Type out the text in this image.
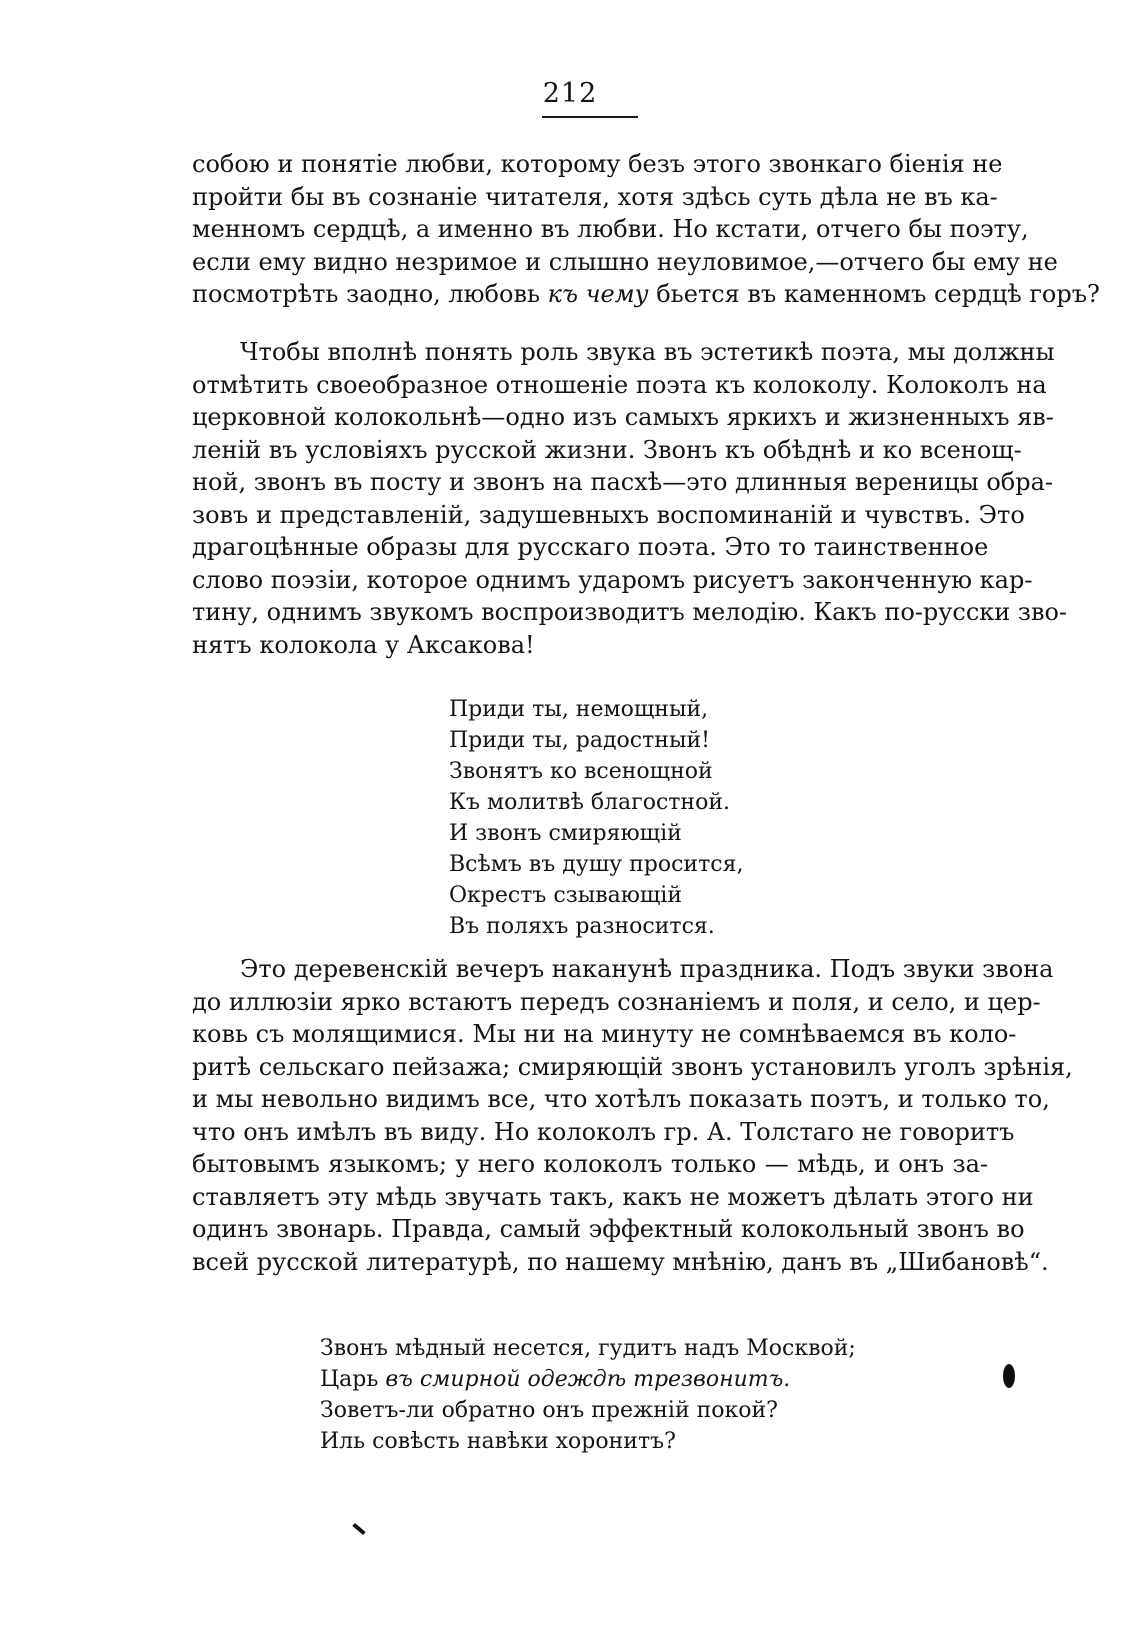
212
собою и понятіе любви, которому безъ этого звонкаго біенія не
пройти бы въ сознаніе читателя, хотя здѣсь суть дѣла не въ ка-
менномъ сердцѣ, а именно въ любви. Но кстати, отчего бы поэту,
если ему видно незримое и слышно неуловимое,—отчего бы ему не
посмотрѣть заодно, любовь къ чему бьется въ каменномъ сердцѣ горъ?
Чтобы вполнѣ понять роль звука въ эстетикѣ поэта, мы должны
отмѣтить своеобразное отношеніе поэта къ колоколу. Колоколъ на
церковной колокольнѣ—одно изъ самыхъ яркихъ и жизненныхъ яв-
леній въ условіяхъ русской жизни. Звонъ къ обѣднѣ и ко всенощ-
ной, звонъ въ посту и звонъ на пасхѣ—это длинныя вереницы обра-
зовъ и представленій, задушевныхъ воспоминаній и чувствъ. Это
драгоцѣнные образы для русскаго поэта. Это то таинственное
слово поэзіи, которое однимъ ударомъ рисуетъ законченную кар-
тину, однимъ звукомъ воспроизводитъ мелодію. Какъ по-русски зво-
нятъ колокола у Аксакова!
Приди ты, немощный,
Приди ты, радостный!
Звонятъ ко всенощной
Къ молитвѣ благостной.
И звонъ смиряющій
Всѣмъ въ душу просится,
Окрестъ сзывающій
Въ поляхъ разносится.
Это деревенскій вечеръ наканунѣ праздника. Подъ звуки звона
до иллюзіи ярко встаютъ передъ сознаніемъ и поля, и село, и цер-
ковь съ молящимися. Мы ни на минуту не сомнѣваемся въ коло-
ритѣ сельскаго пейзажа; смиряющій звонъ установилъ уголъ зрѣнія,
и мы невольно видимъ все, что хотѣлъ показать поэтъ, и только то,
что онъ имѣлъ въ виду. Но колоколъ гр. А. Толстаго не говоритъ
бытовымъ языкомъ; у него колоколъ только — мѣдь, и онъ за-
ставляетъ эту мѣдь звучать такъ, какъ не можетъ дѣлать этого ни
одинъ звонарь. Правда, самый эффектный колокольный звонъ во
всей русской литературѣ, по нашему мнѣнію, данъ въ „Шибановѣ“.
Звонъ мѣдный несется, гудитъ надъ Москвой;
Царь въ смирной одеждѣ трезвонитъ.
Зоветъ-ли обратно онъ прежній покой?
Иль совѣсть навѣки хоронитъ?
